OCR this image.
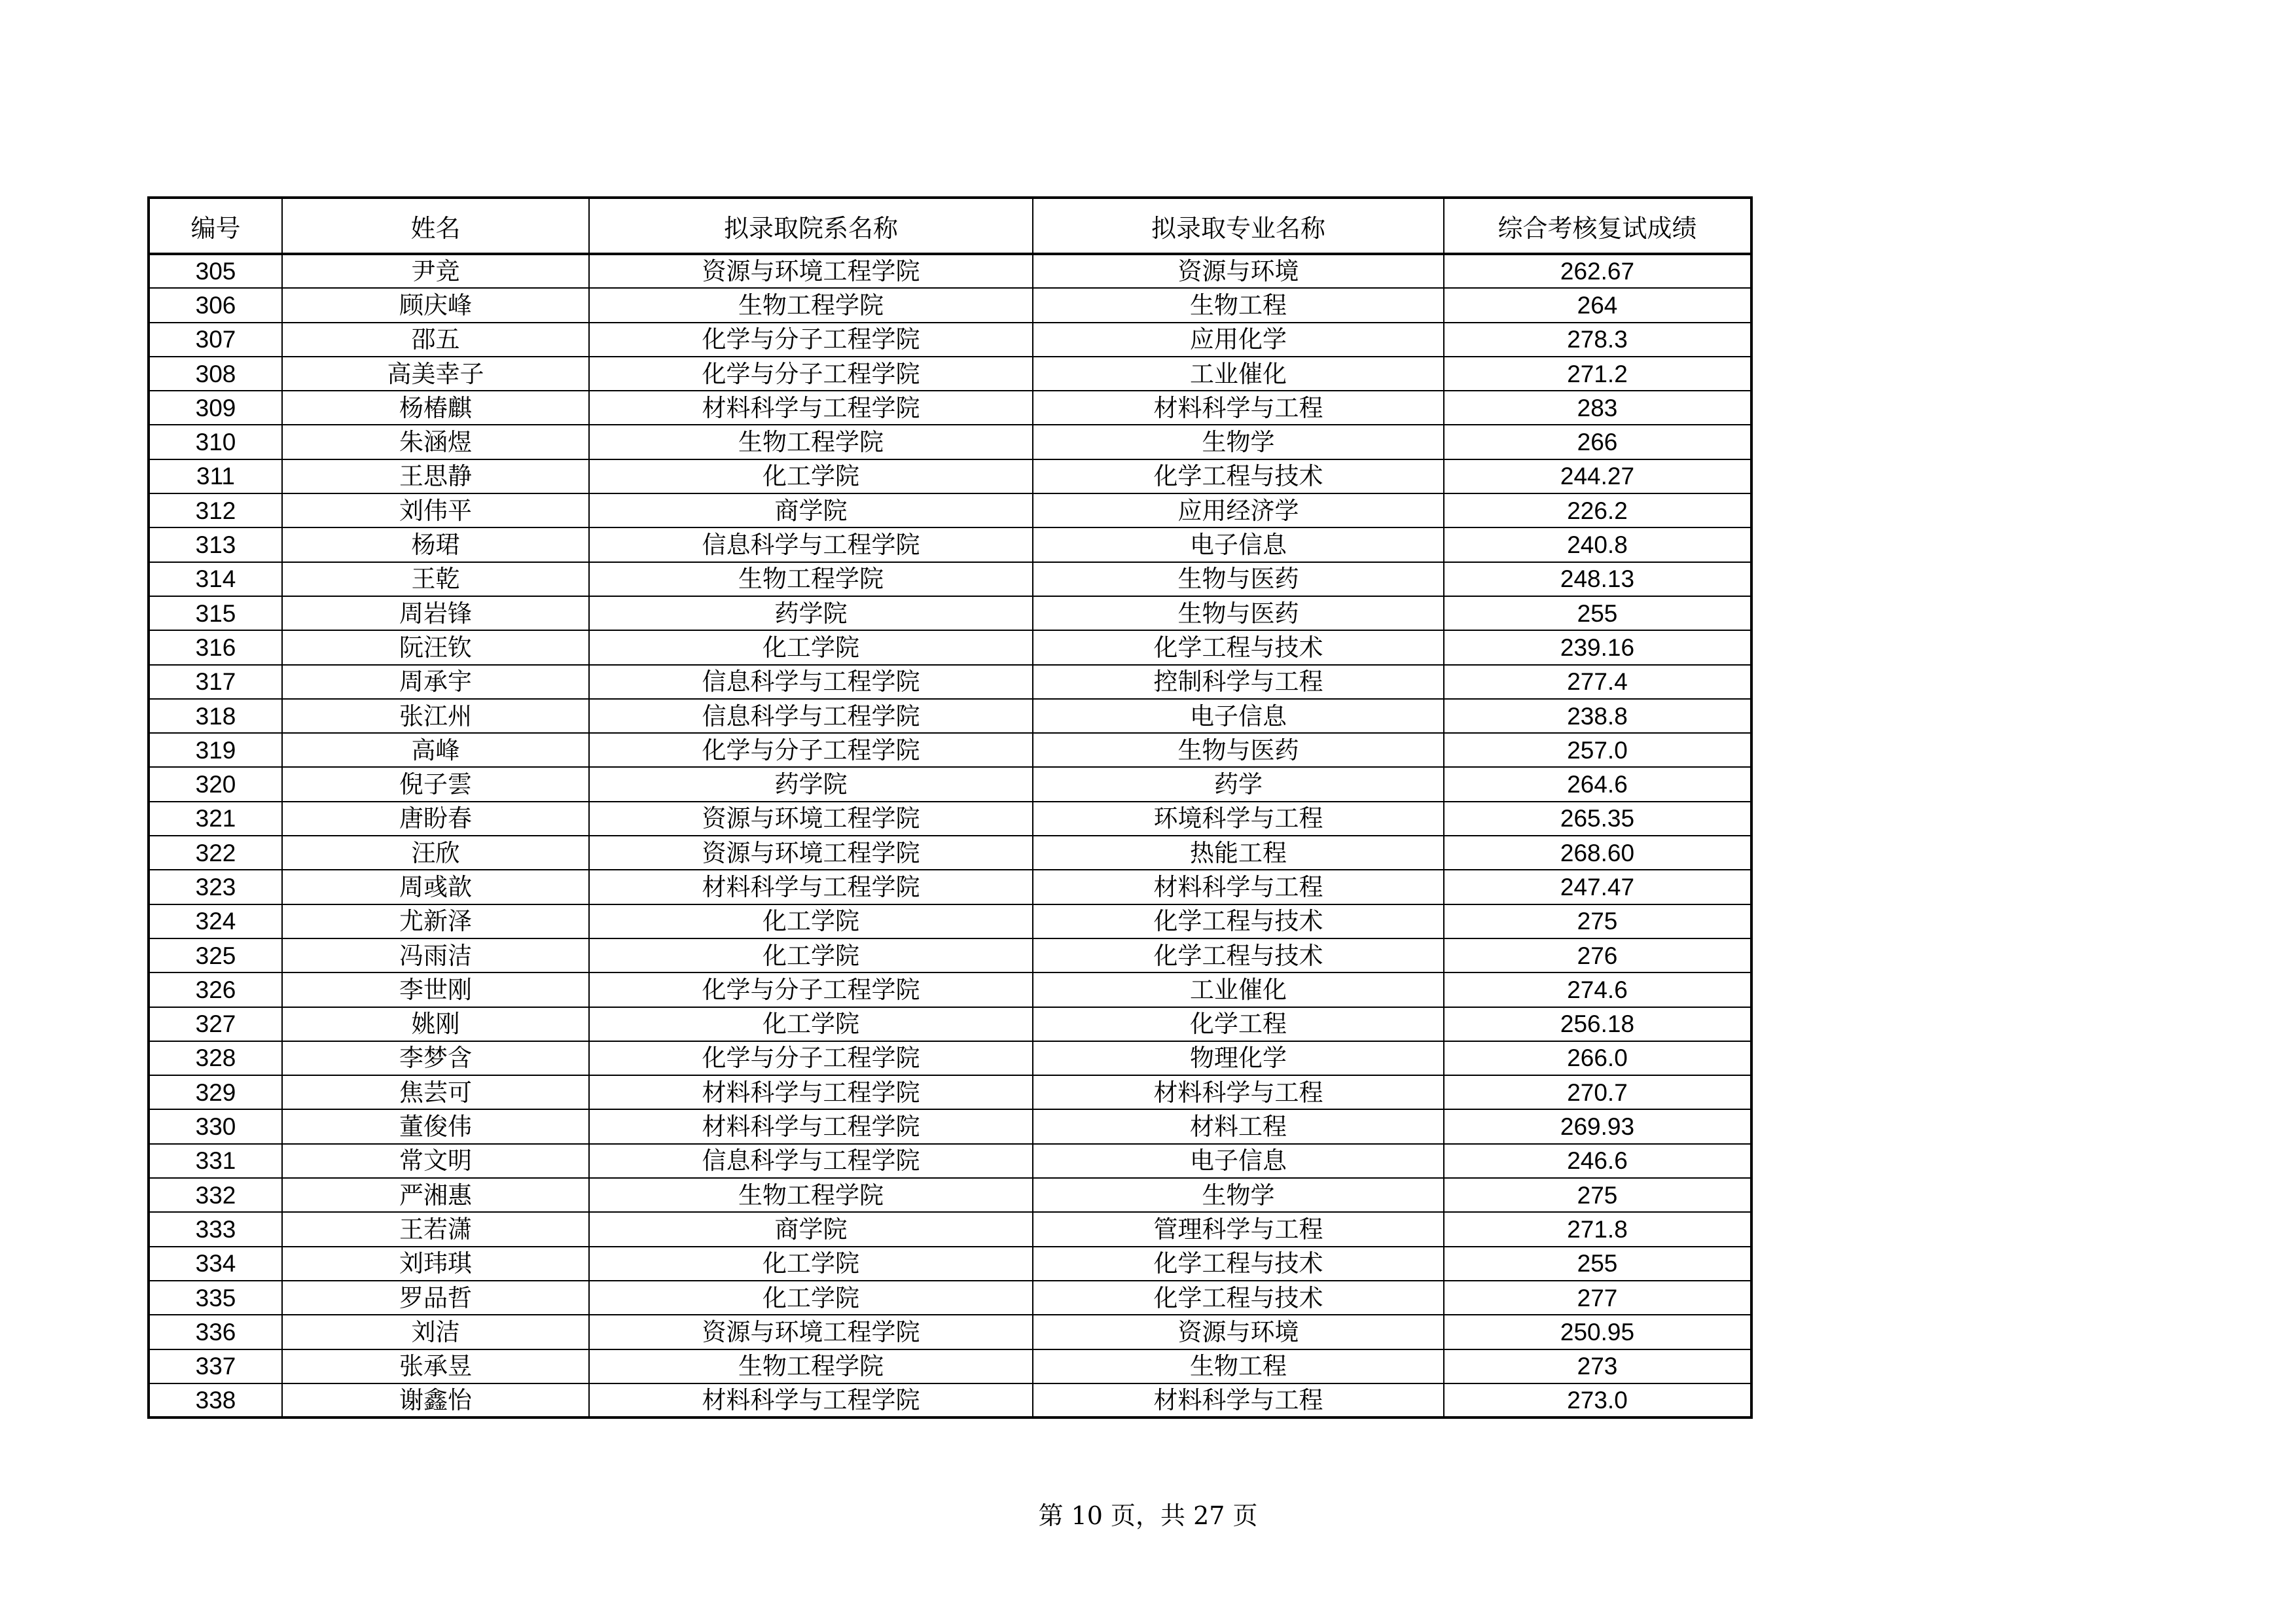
编号	姓名	拟录取院系名称	拟录取专业名称	综合考核复试成绩
305	尹竞	资源与环境工程学院	资源与环境	262.67
306	顾庆峰	生物工程学院	生物工程	264
307	邵五	化学与分子工程学院	应用化学	278.3
308	高美幸子	化学与分子工程学院	工业催化	271.2
309	杨椿麒	材料科学与工程学院	材料科学与工程	283
310	朱涵煜	生物工程学院	生物学	266
311	王思静	化工学院	化学工程与技术	244.27
312	刘伟平	商学院	应用经济学	226.2
313	杨珺	信息科学与工程学院	电子信息	240.8
314	王乾	生物工程学院	生物与医药	248.13
315	周岩锋	药学院	生物与医药	255
316	阮汪钦	化工学院	化学工程与技术	239.16
317	周承宇	信息科学与工程学院	控制科学与工程	277.4
318	张江州	信息科学与工程学院	电子信息	238.8
319	高峰	化学与分子工程学院	生物与医药	257.0
320	倪子雲	药学院	药学	264.6
321	唐盼春	资源与环境工程学院	环境科学与工程	265.35
322	汪欣	资源与环境工程学院	热能工程	268.60
323	周彧歆	材料科学与工程学院	材料科学与工程	247.47
324	尤新泽	化工学院	化学工程与技术	275
325	冯雨洁	化工学院	化学工程与技术	276
326	李世刚	化学与分子工程学院	工业催化	274.6
327	姚刚	化工学院	化学工程	256.18
328	李梦含	化学与分子工程学院	物理化学	266.0
329	焦芸可	材料科学与工程学院	材料科学与工程	270.7
330	董俊伟	材料科学与工程学院	材料工程	269.93
331	常文明	信息科学与工程学院	电子信息	246.6
332	严湘惠	生物工程学院	生物学	275
333	王若潇	商学院	管理科学与工程	271.8
334	刘玮琪	化工学院	化学工程与技术	255
335	罗品哲	化工学院	化学工程与技术	277
336	刘洁	资源与环境工程学院	资源与环境	250.95
337	张承昱	生物工程学院	生物工程	273
338	谢鑫怡	材料科学与工程学院	材料科学与工程	273.0
第 10 页，共 27 页
